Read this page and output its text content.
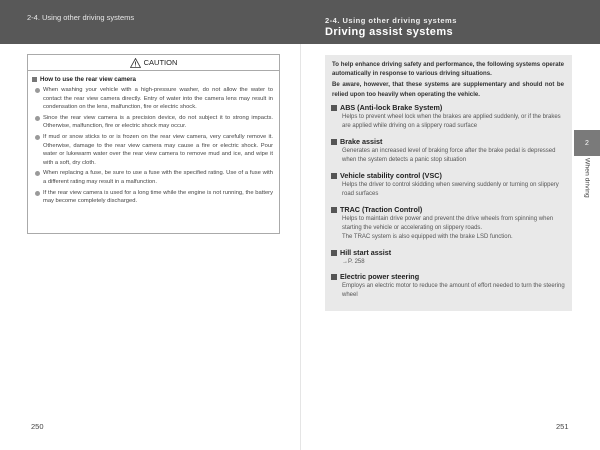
2-4. Using other driving systems	2-4. Using other driving systems
Driving assist systems
CAUTION
How to use the rear view camera
When washing your vehicle with a high-pressure washer, do not allow the water to contact the rear view camera directly. Entry of water into the camera lens may result in condensation on the lens, malfunction, fire or electric shock.
Since the rear view camera is a precision device, do not subject it to strong impacts. Otherwise, malfunction, fire or electric shock may occur.
If mud or snow sticks to or is frozen on the rear view camera, very carefully remove it. Otherwise, damage to the rear view camera may cause a fire or electric shock. Pour water or lukewarm water over the rear view camera to remove mud and ice, and wipe it with a soft, dry cloth.
When replacing a fuse, be sure to use a fuse with the specified rating. Use of a fuse with a different rating may result in a malfunction.
If the rear view camera is used for a long time while the engine is not running, the battery may become completely discharged.

To help enhance driving safety and performance, the following systems operate automatically in response to various driving situations.

Be aware, however, that these systems are supplementary and should not be relied upon too heavily when operating the vehicle.

ABS (Anti-lock Brake System)
Helps to prevent wheel lock when the brakes are applied suddenly, or if the brakes are applied while driving on a slippery road surface
Brake assist
Generates an increased level of braking force after the brake pedal is depressed when the system detects a panic stop situation
Vehicle stability control (VSC)
Helps the driver to control skidding when swerving suddenly or turning on slippery road surfaces
TRAC (Traction Control)
Helps to maintain drive power and prevent the drive wheels from spinning when starting the vehicle or accelerating on slippery roads.
The TRAC system is also equipped with the brake LSD function.
Hill start assist
→P. 258
Electric power steering
Employs an electric motor to reduce the amount of effort needed to turn the steering wheel
2
When driving
250	251
